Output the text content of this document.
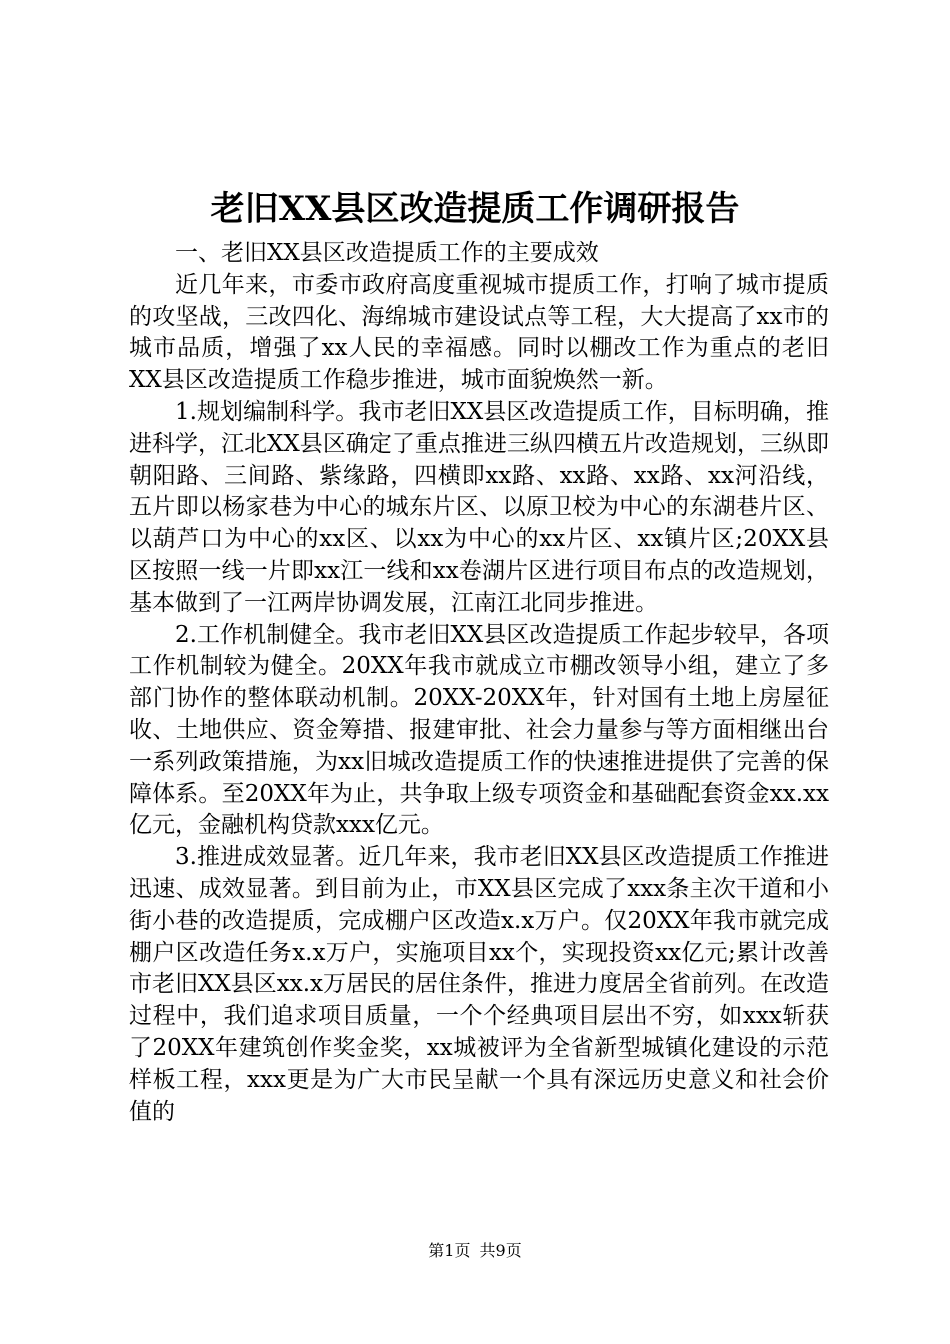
老旧XX县区改造提质工作调研报告

一、老旧XX县区改造提质工作的主要成效

近几年来，市委市政府高度重视城市提质工作，打响了城市提质的攻坚战，三改四化、海绵城市建设试点等工程，大大提高了xx市的城市品质，增强了xx人民的幸福感。同时以棚改工作为重点的老旧XX县区改造提质工作稳步推进，城市面貌焕然一新。

1.规划编制科学。我市老旧XX县区改造提质工作，目标明确，推进科学，江北XX县区确定了重点推进三纵四横五片改造规划，三纵即朝阳路、三间路、紫缘路，四横即xx路、xx路、xx路、xx河沿线，五片即以杨家巷为中心的城东片区、以原卫校为中心的东湖巷片区、以葫芦口为中心的xx区、以xx为中心的xx片区、xx镇片区;20XX县区按照一线一片即xx江一线和xx卷湖片区进行项目布点的改造规划，基本做到了一江两岸协调发展，江南江北同步推进。

2.工作机制健全。我市老旧XX县区改造提质工作起步较早，各项工作机制较为健全。20XX年我市就成立市棚改领导小组，建立了多部门协作的整体联动机制。20XX-20XX年，针对国有土地上房屋征收、土地供应、资金筹措、报建审批、社会力量参与等方面相继出台一系列政策措施，为xx旧城改造提质工作的快速推进提供了完善的保障体系。至20XX年为止，共争取上级专项资金和基础配套资金xx.xx亿元，金融机构贷款xxx亿元。

3.推进成效显著。近几年来，我市老旧XX县区改造提质工作推进迅速、成效显著。到目前为止，市XX县区完成了xxx条主次干道和小街小巷的改造提质，完成棚户区改造x.x万户。仅20XX年我市就完成棚户区改造任务x.x万户，实施项目xx个，实现投资xx亿元;累计改善市老旧XX县区xx.x万居民的居住条件，推进力度居全省前列。在改造过程中，我们追求项目质量，一个个经典项目层出不穷，如xxx斩获了20XX年建筑创作奖金奖，xx城被评为全省新型城镇化建设的示范样板工程，xxx更是为广大市民呈献一个具有深远历史意义和社会价值的

第1页 共9页
